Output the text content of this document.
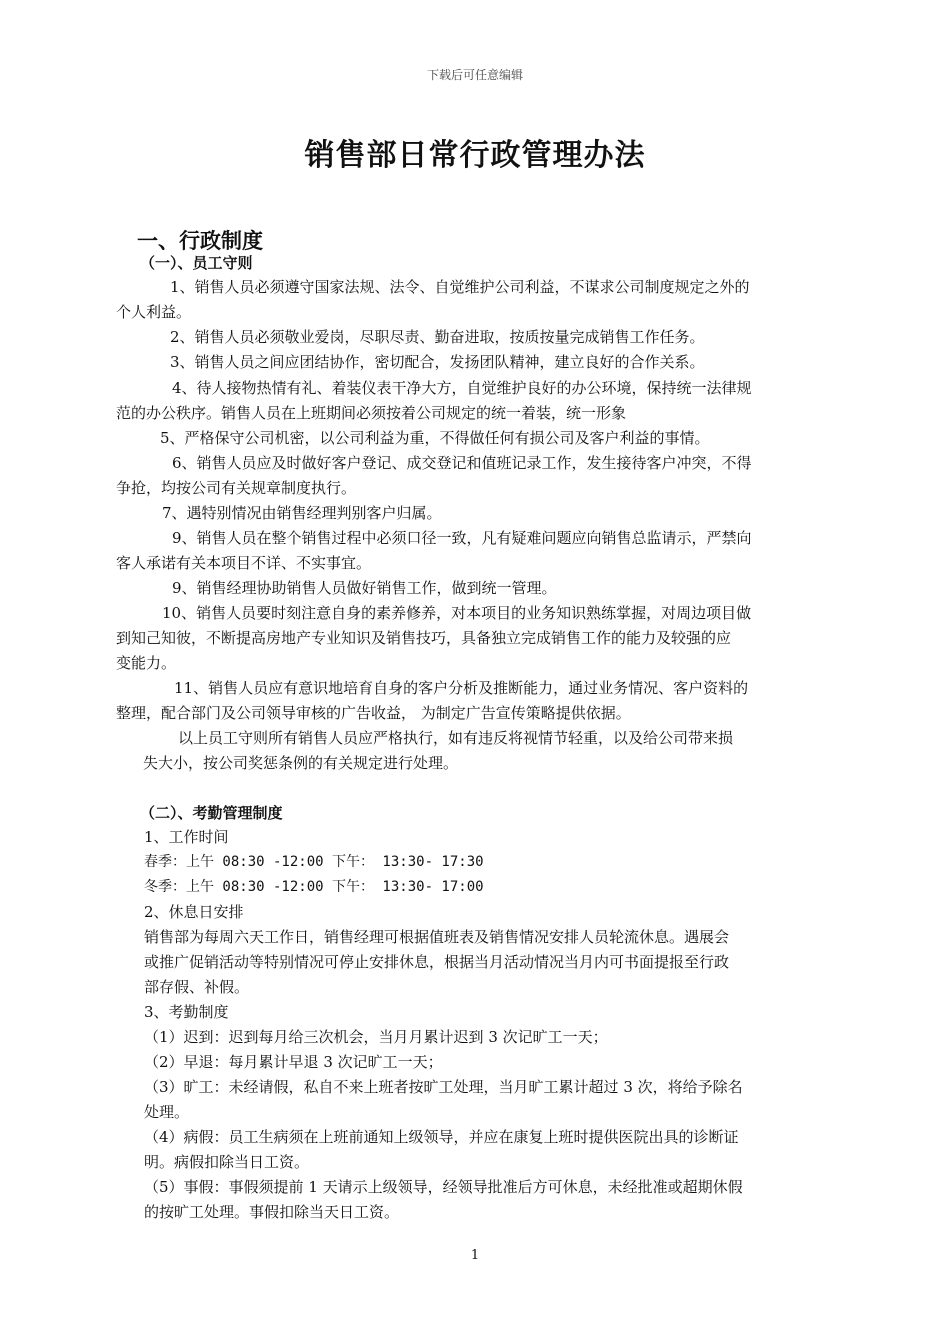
下载后可任意编辑
销售部日常行政管理办法
一、行政制度
（一）、员工守则
1、销售人员必须遵守国家法规、法令、自觉维护公司利益，不谋求公司制度规定之外的
个人利益。
2、销售人员必须敬业爱岗，尽职尽责、勤奋进取，按质按量完成销售工作任务。
3、销售人员之间应团结协作，密切配合，发扬团队精神，建立良好的合作关系。
4、待人接物热情有礼、着装仪表干净大方，自觉维护良好的办公环境，保持统一法律规
范的办公秩序。销售人员在上班期间必须按着公司规定的统一着装，统一形象
5、严格保守公司机密，以公司利益为重，不得做任何有损公司及客户利益的事情。
6、销售人员应及时做好客户登记、成交登记和值班记录工作，发生接待客户冲突，不得
争抢，均按公司有关规章制度执行。
7、遇特别情况由销售经理判别客户归属。
9、销售人员在整个销售过程中必须口径一致，凡有疑难问题应向销售总监请示，严禁向
客人承诺有关本项目不详、不实事宜。
9、销售经理协助销售人员做好销售工作，做到统一管理。
10、销售人员要时刻注意自身的素养修养，对本项目的业务知识熟练掌握，对周边项目做
到知己知彼，不断提高房地产专业知识及销售技巧，具备独立完成销售工作的能力及较强的应
变能力。
11、销售人员应有意识地培育自身的客户分析及推断能力，通过业务情况、客户资料的
整理，配合部门及公司领导审核的广告收益， 为制定广告宣传策略提供依据。
以上员工守则所有销售人员应严格执行，如有违反将视情节轻重，以及给公司带来损
失大小，按公司奖惩条例的有关规定进行处理。
（二）、考勤管理制度
1、工作时间
春季：上午 08:30 -12:00 下午： 13:30- 17:30
冬季：上午 08:30 -12:00 下午： 13:30- 17:00
2、休息日安排
销售部为每周六天工作日，销售经理可根据值班表及销售情况安排人员轮流休息。遇展会
或推广促销活动等特别情况可停止安排休息，根据当月活动情况当月内可书面提报至行政
部存假、补假。
3、考勤制度
（1）迟到：迟到每月给三次机会，当月月累计迟到 3 次记旷工一天；
（2）早退：每月累计早退 3 次记旷工一天；
（3）旷工：未经请假，私自不来上班者按旷工处理，当月旷工累计超过 3 次，将给予除名
处理。
（4）病假：员工生病须在上班前通知上级领导，并应在康复上班时提供医院出具的诊断证
明。病假扣除当日工资。
（5）事假：事假须提前 1 天请示上级领导，经领导批准后方可休息，未经批准或超期休假
的按旷工处理。事假扣除当天日工资。
1
